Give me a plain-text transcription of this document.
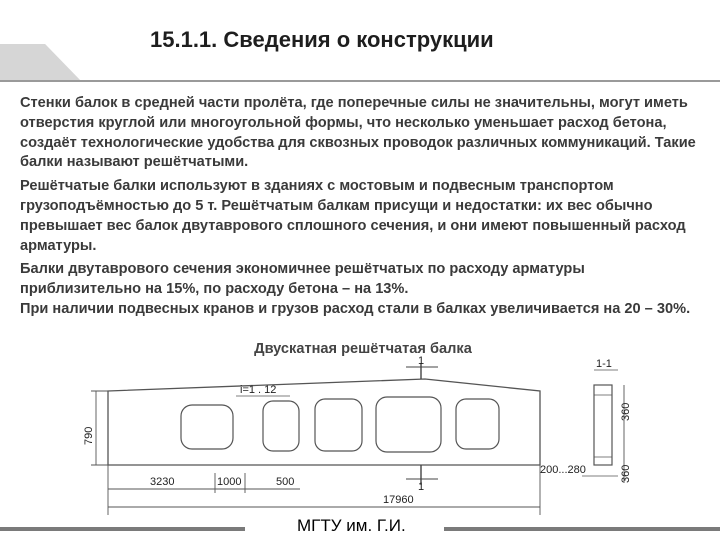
15.1.1. Сведения о конструкции

Стенки балок в средней части пролёта, где поперечные силы не значительны, могут иметь отверстия круглой или многоугольной формы, что несколько уменьшает расход бетона, создаёт технологические удобства для сквозных проводок различных коммуникаций. Такие балки называют решётчатыми.

Решётчатые балки используют в зданиях с мостовым и подвесным транспортом грузоподъёмностью до 5 т. Решётчатым балкам присущи и недостатки: их вес обычно превышает вес балок двутаврового сплошного сечения, и они имеют повышенный расход арматуры.

Балки двутаврового сечения экономичнее решётчатых по расходу арматуры приблизительно на 15%, по расходу бетона – на 13%.

При наличии подвесных кранов и грузов расход стали в балках увеличивается на 20 – 30%.

Двускатная решётчатая балка
i=1 . 12
1
1
790
3230	1000	500
17960
1-1
360
360
200...280
МГТУ им. Г.И.
